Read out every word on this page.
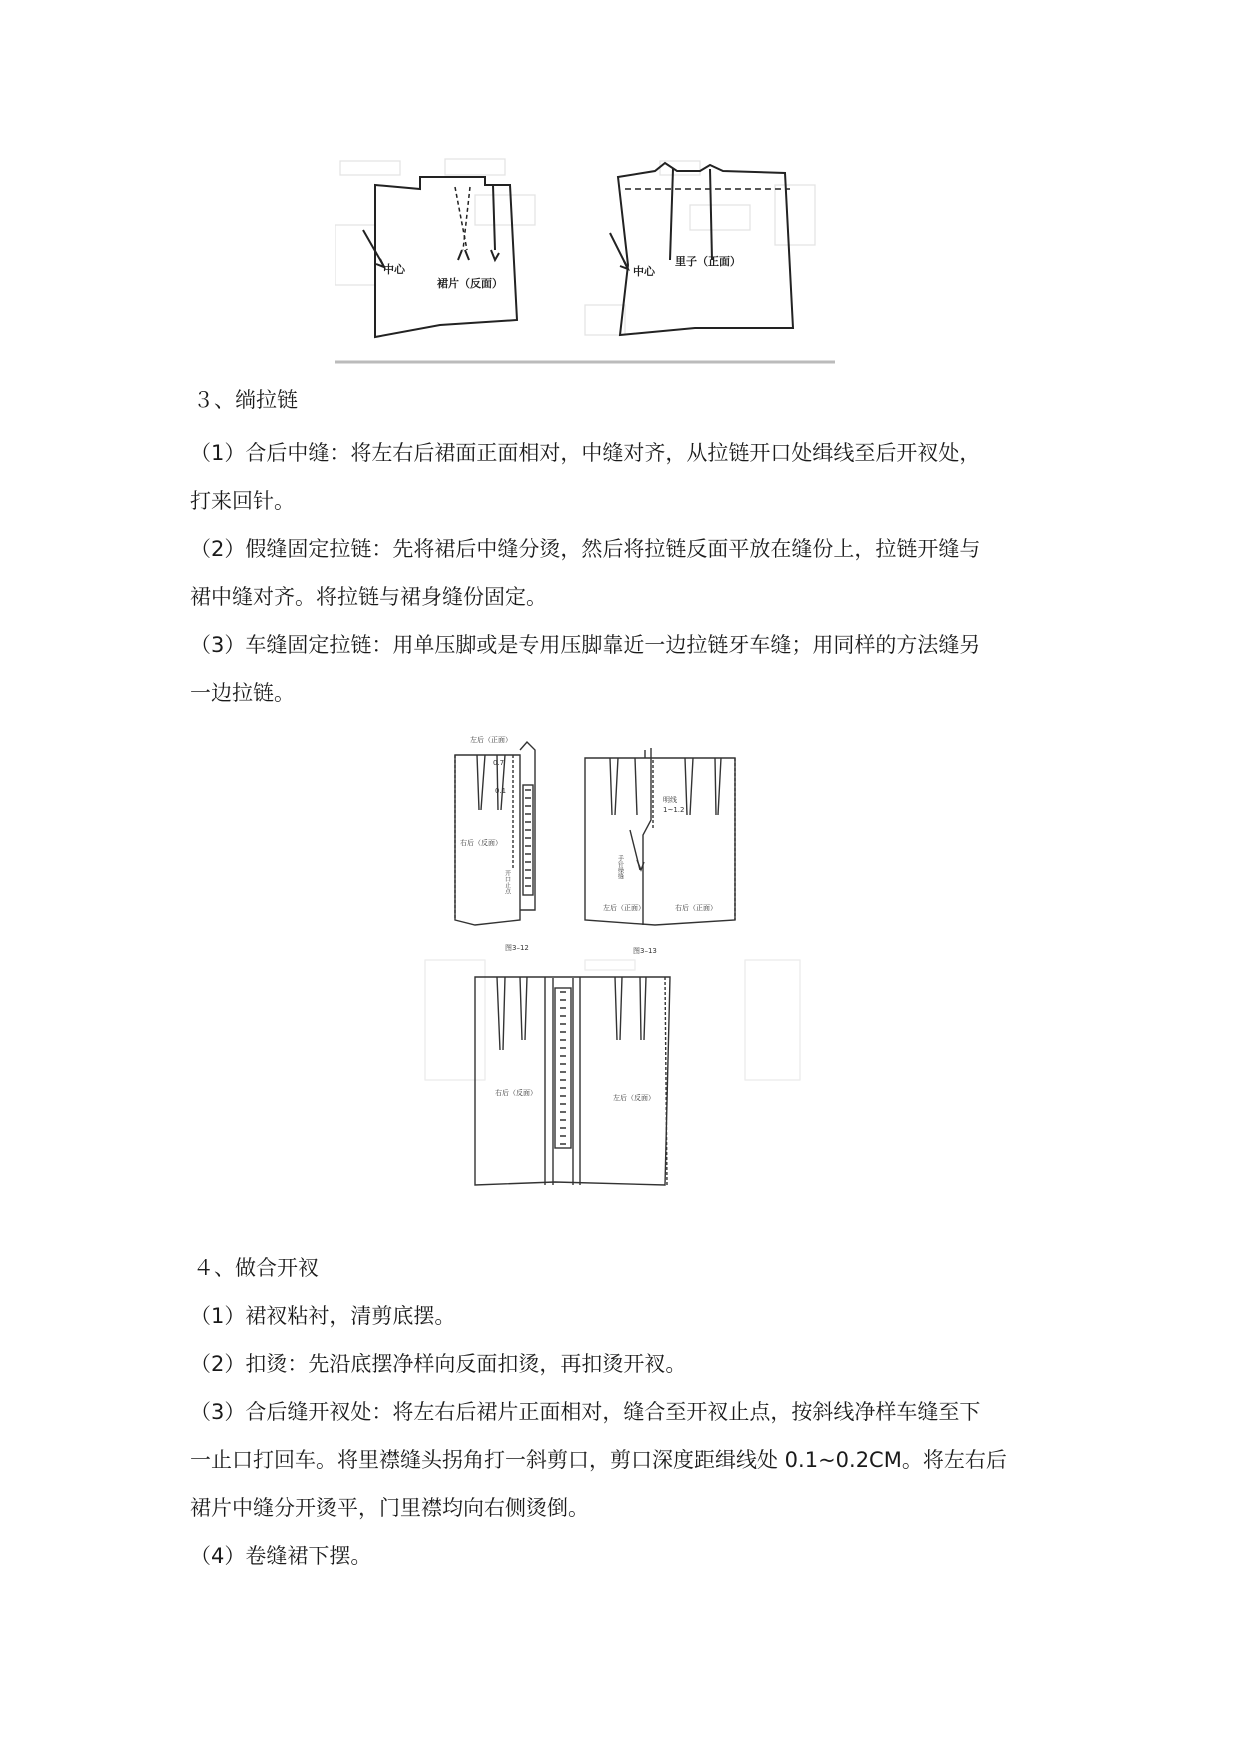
中心
裙片（反面）
中心
里子（正面）

３、绱拉链

（1）合后中缝：将左右后裙面正面相对，中缝对齐，从拉链开口处缉线至后开衩处，
打来回针。

（2）假缝固定拉链：先将裙后中缝分烫，然后将拉链反面平放在缝份上，拉链开缝与
裙中缝对齐。将拉链与裙身缝份固定。

（3）车缝固定拉链：用单压脚或是专用压脚靠近一边拉链牙车缝；用同样的方法缝另
一边拉链。

左后（正面）
0.7
0.1
右后（反面）
开口止点
图3–12
明线
1~1.2
手针缲缝
左后（正面）	右后（正面）
图3–13
右后（反面）
左后（反面）

４、做合开衩

（1）裙衩粘衬，清剪底摆。
（2）扣烫：先沿底摆净样向反面扣烫，再扣烫开衩。
（3）合后缝开衩处：将左右后裙片正面相对，缝合至开衩止点，按斜线净样车缝至下
一止口打回车。将里襟缝头拐角打一斜剪口，剪口深度距缉线处 0.1~0.2CM。将左右后
裙片中缝分开烫平，门里襟均向右侧烫倒。
（4）卷缝裙下摆。
